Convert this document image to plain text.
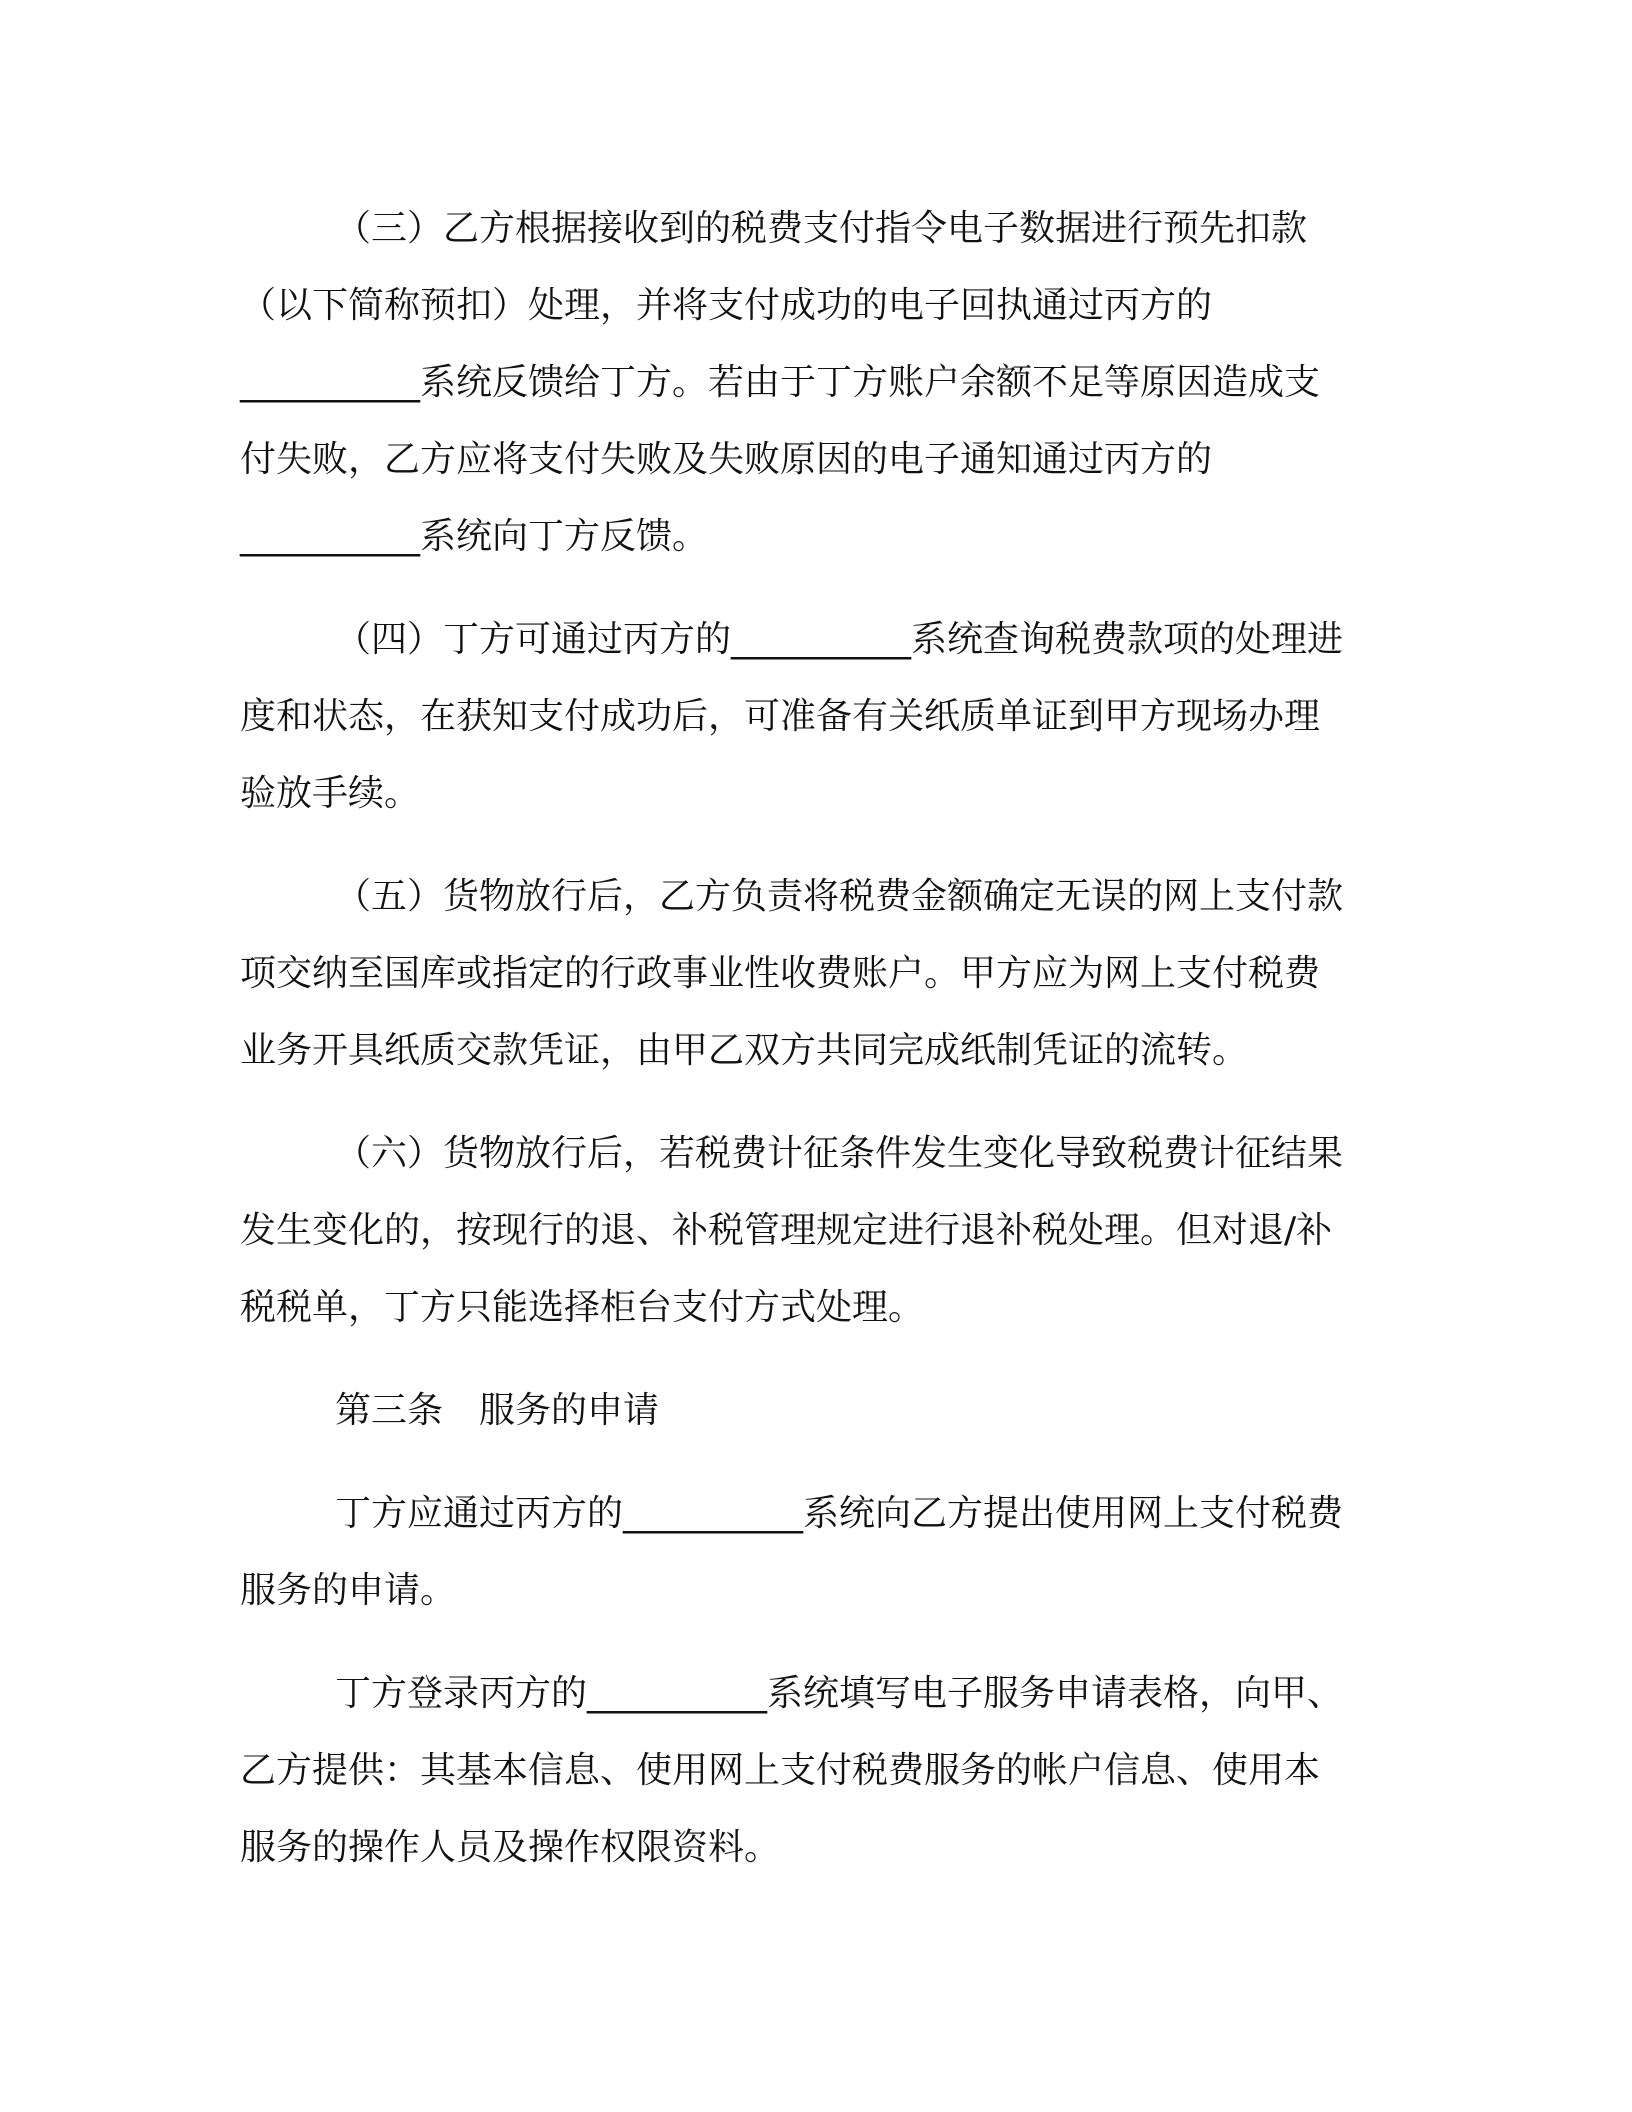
（三）乙方根据接收到的税费支付指令电子数据进行预先扣款
（以下简称预扣）处理，并将支付成功的电子回执通过丙方的
__________系统反馈给丁方。若由于丁方账户余额不足等原因造成支
付失败，乙方应将支付失败及失败原因的电子通知通过丙方的
__________系统向丁方反馈。
（四）丁方可通过丙方的__________系统查询税费款项的处理进
度和状态，在获知支付成功后，可准备有关纸质单证到甲方现场办理
验放手续。
（五）货物放行后，乙方负责将税费金额确定无误的网上支付款
项交纳至国库或指定的行政事业性收费账户。甲方应为网上支付税费
业务开具纸质交款凭证，由甲乙双方共同完成纸制凭证的流转。
（六）货物放行后，若税费计征条件发生变化导致税费计征结果
发生变化的，按现行的退、补税管理规定进行退补税处理。但对退/补
税税单，丁方只能选择柜台支付方式处理。
第三条　服务的申请
丁方应通过丙方的__________系统向乙方提出使用网上支付税费
服务的申请。
丁方登录丙方的__________系统填写电子服务申请表格，向甲、
乙方提供：其基本信息、使用网上支付税费服务的帐户信息、使用本
服务的操作人员及操作权限资料。
